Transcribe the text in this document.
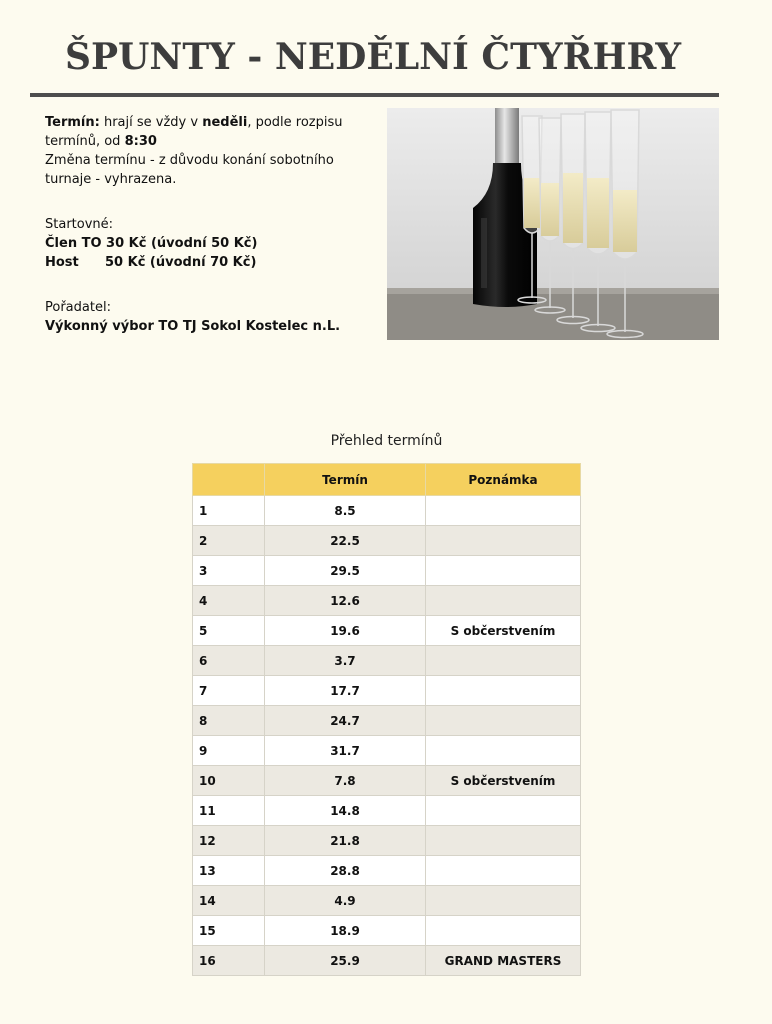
ŠPUNTY - NEDĚLNÍ ČTYŘHRY

Termín: hrají se vždy v neděli, podle rozpisu termínů, od 8:30

Změna termínu - z důvodu konání sobotního turnaje - vyhrazena.

Startovné:

Člen TO 30 Kč (úvodní 50 Kč)

Host 50 Kč (úvodní 70 Kč)

Pořadatel:

Výkonný výbor TO TJ Sokol Kostelec n.L.

Přehled termínů
	Termín	Poznámka
1	8.5	
2	22.5	
3	29.5	
4	12.6	
5	19.6	S občerstvením
6	3.7	
7	17.7	
8	24.7	
9	31.7	
10	7.8	S občerstvením
11	14.8	
12	21.8	
13	28.8	
14	4.9	
15	18.9	
16	25.9	GRAND MASTERS
